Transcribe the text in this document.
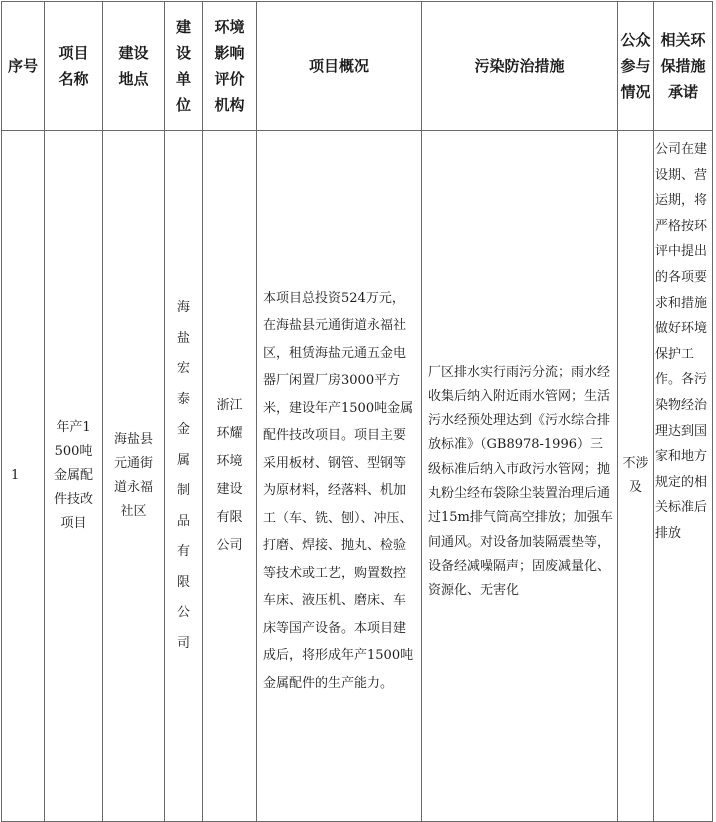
序号	项目名称	建设地点	建设单位	环境影响评价机构	项目概况	污染防治措施	公众参与情况	相关环保措施承诺
1	年产1500吨金属配件技改项目	海盐县元通街道永福社区	海盐宏泰金属制品有限公司	浙江环耀环境建设有限公司	本项目总投资524万元，在海盐县元通街道永福社区，租赁海盐元通五金电器厂闲置厂房3000平方米，建设年产1500吨金属配件技改项目。项目主要采用板材、钢管、型钢等为原材料，经落料、机加工（车、铣、刨）、冲压、打磨、焊接、抛丸、检验等技术或工艺，购置数控车床、液压机、磨床、车床等国产设备。本项目建成后，将形成年产1500吨金属配件的生产能力。	厂区排水实行雨污分流；雨水经收集后纳入附近雨水管网；生活污水经预处理达到《污水综合排放标准》（GB8978-1996）三级标准后纳入市政污水管网；抛丸粉尘经布袋除尘装置治理后通过15m排气筒高空排放；加强车间通风。对设备加装隔震垫等，设备经减噪隔声；固废减量化、资源化、无害化	不涉及	公司在建设期、营运期，将严格按环评中提出的各项要求和措施做好环境保护工作。各污染物经治理达到国家和地方规定的相关标准后排放
